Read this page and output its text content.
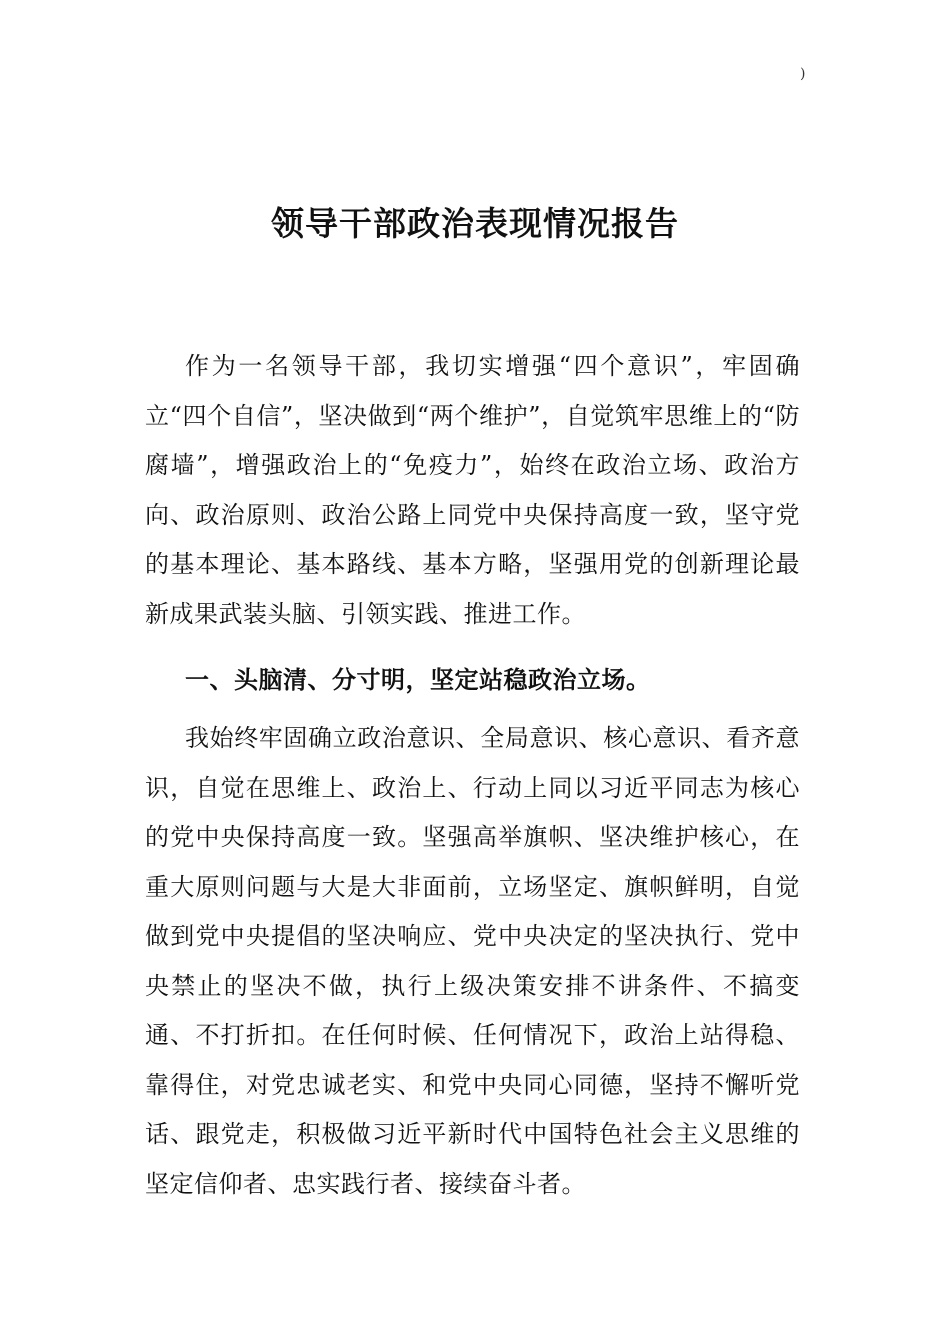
)
领导干部政治表现情况报告

作为一名领导干部，我切实增强“四个意识”，牢固确立“四个自信”，坚决做到“两个维护”，自觉筑牢思维上的“防腐墙”，增强政治上的“免疫力”，始终在政治立场、政治方向、政治原则、政治公路上同党中央保持高度一致，坚守党的基本理论、基本路线、基本方略，坚强用党的创新理论最新成果武装头脑、引领实践、推进工作。

一、头脑清、分寸明，坚定站稳政治立场。

我始终牢固确立政治意识、全局意识、核心意识、看齐意识，自觉在思维上、政治上、行动上同以习近平同志为核心的党中央保持高度一致。坚强高举旗帜、坚决维护核心，在重大原则问题与大是大非面前，立场坚定、旗帜鲜明，自觉做到党中央提倡的坚决响应、党中央决定的坚决执行、党中央禁止的坚决不做，执行上级决策安排不讲条件、不搞变通、不打折扣。在任何时候、任何情况下，政治上站得稳、靠得住，对党忠诚老实、和党中央同心同德，坚持不懈听党话、跟党走，积极做习近平新时代中国特色社会主义思维的坚定信仰者、忠实践行者、接续奋斗者。
